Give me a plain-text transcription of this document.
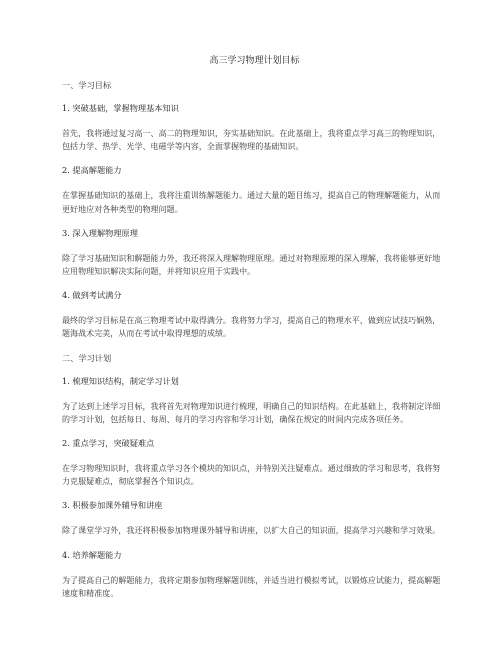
高三学习物理计划目标
一、学习目标
1. 突破基础，掌握物理基本知识
首先，我将通过复习高一、高二的物理知识，夯实基础知识。在此基础上，我将重点学习高三的物理知识，包括力学、热学、光学、电磁学等内容，全面掌握物理的基础知识。
2. 提高解题能力
在掌握基础知识的基础上，我将注重训练解题能力。通过大量的题目练习，提高自己的物理解题能力，从而更好地应对各种类型的物理问题。
3. 深入理解物理原理
除了学习基础知识和解题能力外，我还将深入理解物理原理。通过对物理原理的深入理解，我将能够更好地应用物理知识解决实际问题，并将知识应用于实践中。
4. 做到考试满分
最终的学习目标是在高三物理考试中取得满分。我将努力学习，提高自己的物理水平，做到应试技巧娴熟，题海战术完美，从而在考试中取得理想的成绩。
二、学习计划
1. 梳理知识结构，制定学习计划
为了达到上述学习目标，我将首先对物理知识进行梳理，明确自己的知识结构。在此基础上，我将制定详细的学习计划，包括每日、每周、每月的学习内容和学习计划，确保在规定的时间内完成各项任务。
2. 重点学习，突破疑难点
在学习物理知识时，我将重点学习各个模块的知识点，并特别关注疑难点。通过细致的学习和思考，我将努力克服疑难点，彻底掌握各个知识点。
3. 积极参加课外辅导和讲座
除了课堂学习外，我还将积极参加物理课外辅导和讲座，以扩大自己的知识面，提高学习兴趣和学习效果。
4. 培养解题能力
为了提高自己的解题能力，我将定期参加物理解题训练，并适当进行模拟考试，以锻炼应试能力，提高解题速度和精准度。
